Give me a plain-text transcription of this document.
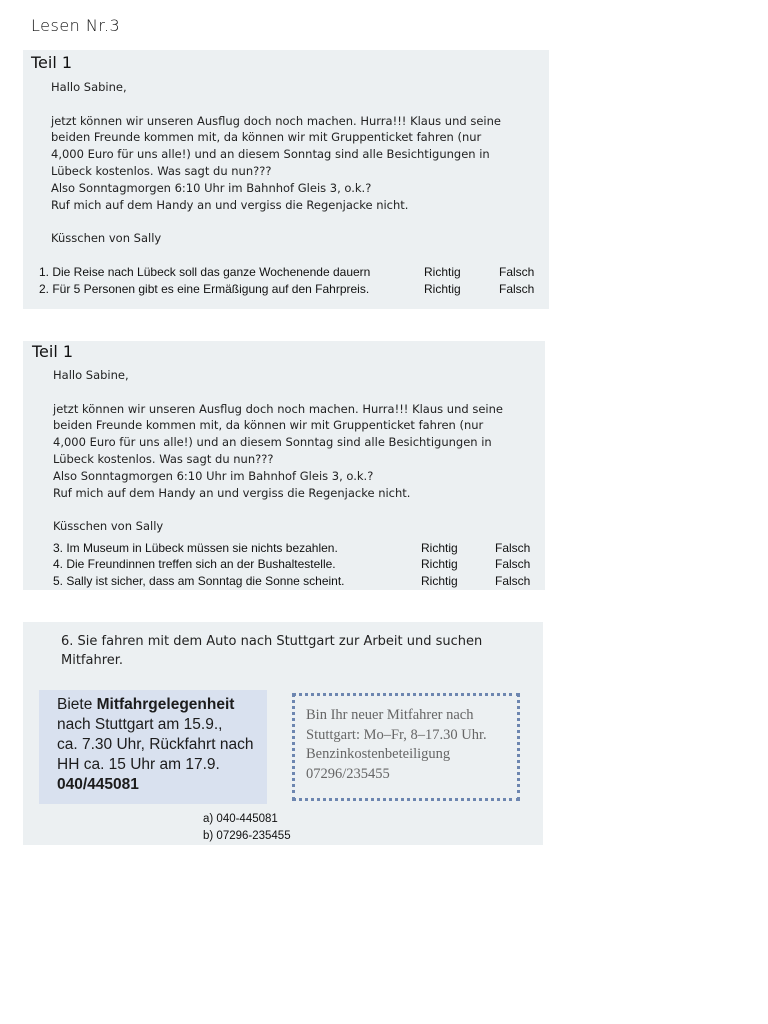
Lesen Nr.3
Teil 1

Hallo Sabine,

jetzt können wir unseren Ausflug doch noch machen. Hurra!!! Klaus und seine

beiden Freunde kommen mit, da können wir mit Gruppenticket fahren (nur

4,000 Euro für uns alle!) und an diesem Sonntag sind alle Besichtigungen in

Lübeck kostenlos. Was sagt du nun???

Also Sonntagmorgen 6:10 Uhr im Bahnhof Gleis 3, o.k.?

Ruf mich auf dem Handy an und vergiss die Regenjacke nicht.

Küsschen von Sally

1. Die Reise nach Lübeck soll das ganze Wochenende dauern	Richtig	Falsch
2. Für 5 Personen gibt es eine Ermäßigung auf den Fahrpreis.	Richtig	Falsch
Teil 1

Hallo Sabine,

jetzt können wir unseren Ausflug doch noch machen. Hurra!!! Klaus und seine

beiden Freunde kommen mit, da können wir mit Gruppenticket fahren (nur

4,000 Euro für uns alle!) und an diesem Sonntag sind alle Besichtigungen in

Lübeck kostenlos. Was sagt du nun???

Also Sonntagmorgen 6:10 Uhr im Bahnhof Gleis 3, o.k.?

Ruf mich auf dem Handy an und vergiss die Regenjacke nicht.

Küsschen von Sally

3. Im Museum in Lübeck müssen sie nichts bezahlen.	Richtig	Falsch
4. Die Freundinnen treffen sich an der Bushaltestelle.	Richtig	Falsch
5. Sally ist sicher, dass am Sonntag die Sonne scheint.	Richtig	Falsch
6. Sie fahren mit dem Auto nach Stuttgart zur Arbeit und suchen
Mitfahrer.
Biete Mitfahrgelegenheit
nach Stuttgart am 15.9.,
ca. 7.30 Uhr, Rückfahrt nach
HH ca. 15 Uhr am 17.9.
040/445081
Bin Ihr neuer Mitfahrer nach
Stuttgart: Mo–Fr, 8–17.30 Uhr.
Benzinkostenbeteiligung
07296/235455
a) 040-445081
b) 07296-235455
